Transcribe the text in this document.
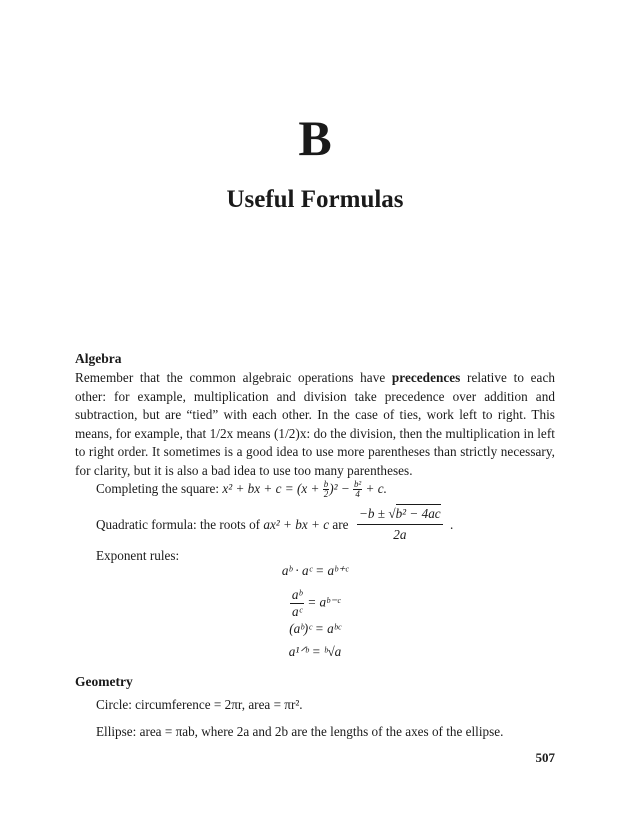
B
Useful Formulas
Algebra
Remember that the common algebraic operations have precedences relative to each other: for example, multiplication and division take precedence over addition and subtraction, but are “tied” with each other. In the case of ties, work left to right. This means, for example, that 1/2x means (1/2)x: do the division, then the multiplication in left to right order. It sometimes is a good idea to use more parentheses than strictly necessary, for clarity, but it is also a bad idea to use too many parentheses.
Completing the square: x² + bx + $c = (x + \frac{b}{2} )^2 - \frac{\text{b²}}{4} + c$.
Quadratic formula: the roots of ax² + bx + c are $\frac{\text{−b ± √b² − 4ac}}{2a}$ .
Exponent rules:
aᵇ · aᶜ = aᵇ⁺ᶜ
$\frac{\text{aᵇ}}{\text{aᶜ}}$ = aᵇ⁻ᶜ
(aᵇ)ᶜ = aᵇᶜ
a¹ᐟᵇ = ᵇ√a
Geometry
Circle: circumference = 2πr, area = πr².
Ellipse: area = πab, where 2a and 2b are the lengths of the axes of the ellipse.
507
